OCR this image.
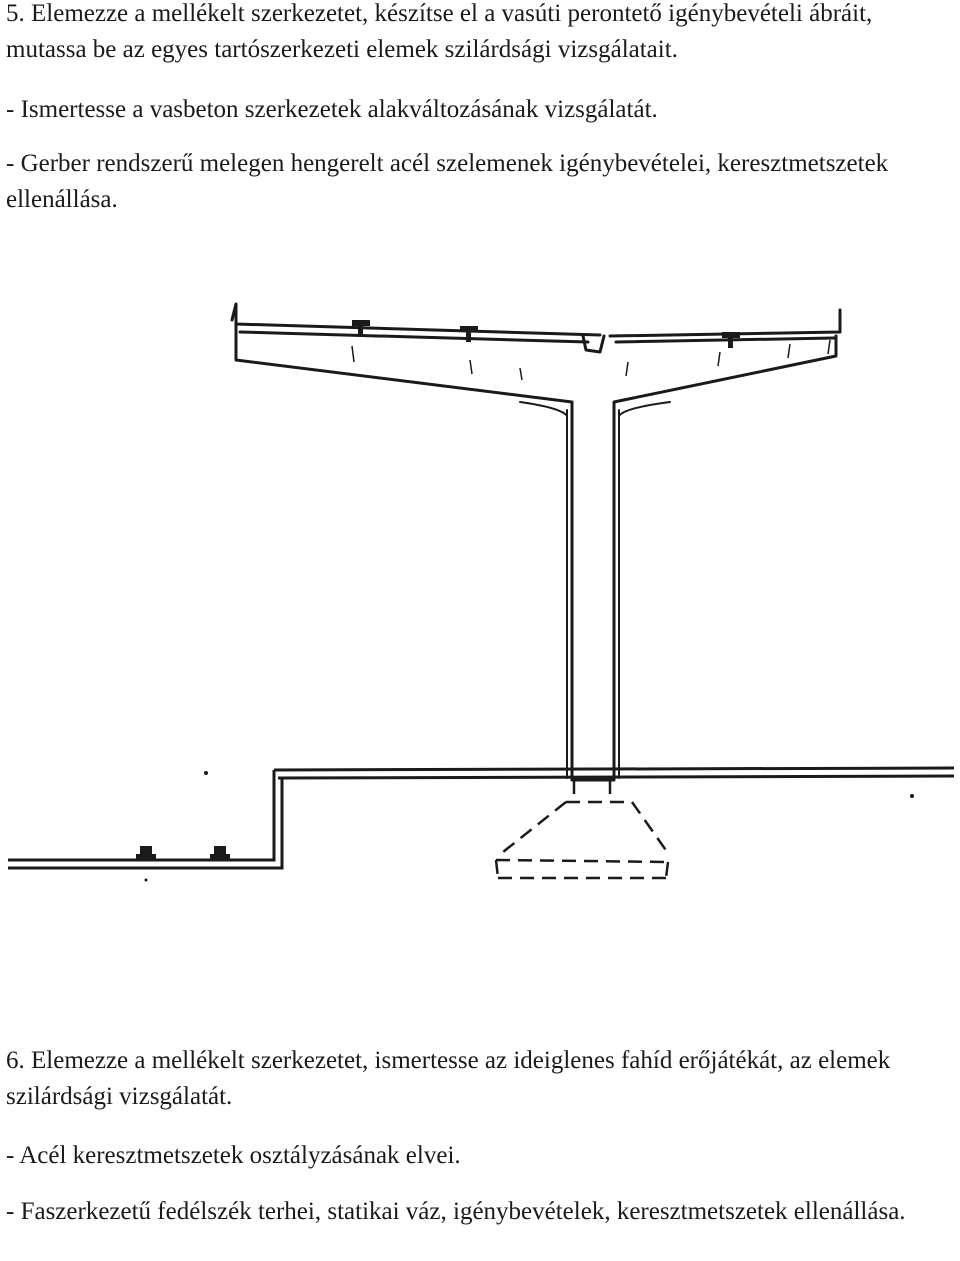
5. Elemezze a mellékelt szerkezetet, készítse el a vasúti perontető igénybevételi ábráit, mutassa be az egyes tartószerkezeti elemek szilárdsági vizsgálatait.

- Ismertesse a vasbeton szerkezetek alakváltozásának vizsgálatát.

- Gerber rendszerű melegen hengerelt acél szelemenek igénybevételei, keresztmetszetek ellenállása.

6. Elemezze a mellékelt szerkezetet, ismertesse az ideiglenes fahíd erőjátékát, az elemek szilárdsági vizsgálatát.

- Acél keresztmetszetek osztályzásának elvei.

- Faszerkezetű fedélszék terhei, statikai váz, igénybevételek, keresztmetszetek ellenállása.
